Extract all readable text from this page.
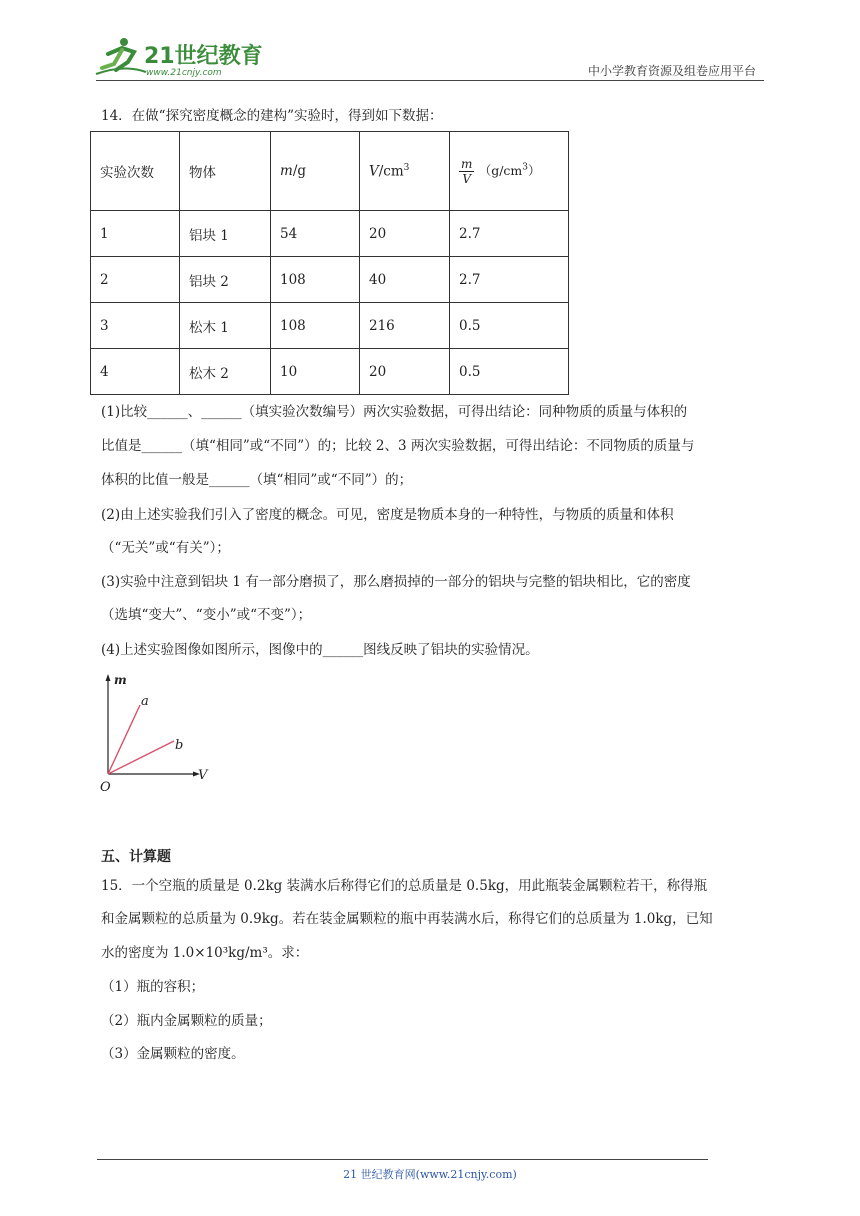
21世纪教育
www.21cnjy.com	中小学教育资源及组卷应用平台
14．在做“探究密度概念的建构”实验时，得到如下数据：
实验次数	物体	m/g	$V/cm^3$	$\frac{m}{V} (g/cm^3)$
1	铝块 1	54	20	2.7
2	铝块 2	108	40	2.7
3	松木 1	108	216	0.5
4	松木 2	10	20	0.5
(1)比较______、______（填实验次数编号）两次实验数据，可得出结论：同种物质的质量与体积的
比值是______（填“相同”或“不同”）的；比较 2、3 两次实验数据，可得出结论：不同物质的质量与
体积的比值一般是______（填“相同”或“不同”）的；
(2)由上述实验我们引入了密度的概念。可见，密度是物质本身的一种特性，与物质的质量和体积
（“无关”或“有关”）；
(3)实验中注意到铝块 1 有一部分磨损了，那么磨损掉的一部分的铝块与完整的铝块相比，它的密度
（选填“变大”、“变小”或“不变”）；
(4)上述实验图像如图所示，图像中的______图线反映了铝块的实验情况。
m
V
O
a
b
五、计算题
15．一个空瓶的质量是 0.2kg 装满水后称得它们的总质量是 0.5kg，用此瓶装金属颗粒若干，称得瓶
和金属颗粒的总质量为 0.9kg。若在装金属颗粒的瓶中再装满水后，称得它们的总质量为 1.0kg，已知
水的密度为 1.0×10³kg/m³。求：
（1）瓶的容积；
（2）瓶内金属颗粒的质量；
（3）金属颗粒的密度。
21 世纪教育网(www.21cnjy.com)
